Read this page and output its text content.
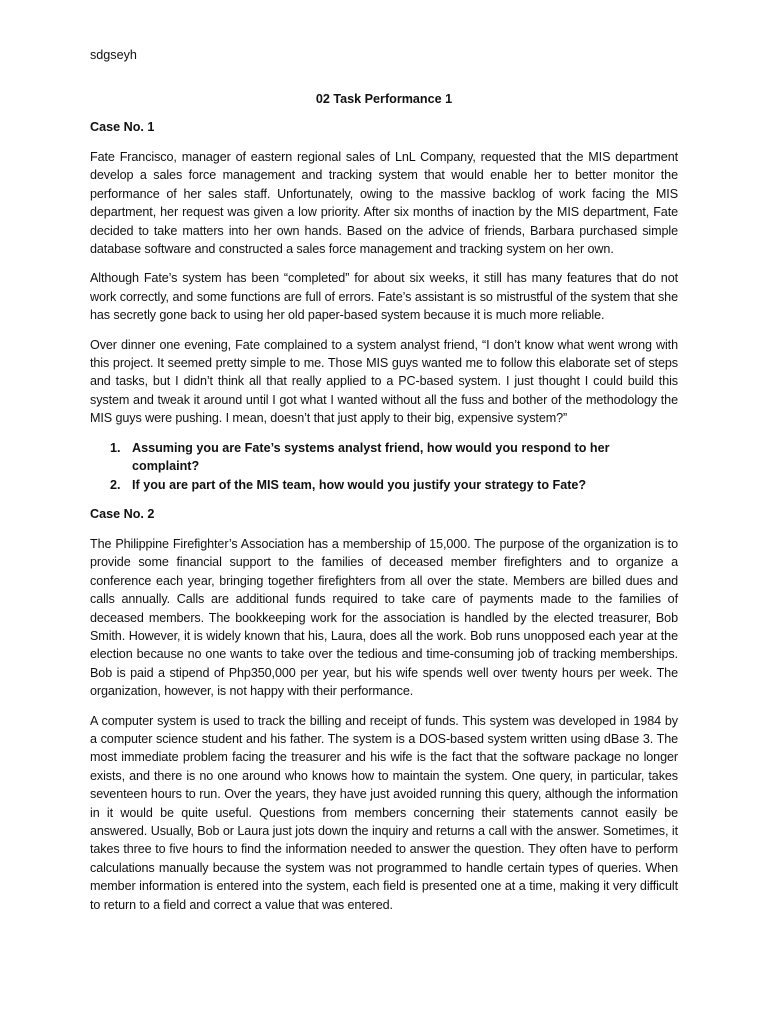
sdgseyh
02 Task Performance 1
Case No. 1

Fate Francisco, manager of eastern regional sales of LnL Company, requested that the MIS department develop a sales force management and tracking system that would enable her to better monitor the performance of her sales staff. Unfortunately, owing to the massive backlog of work facing the MIS department, her request was given a low priority. After six months of inaction by the MIS department, Fate decided to take matters into her own hands. Based on the advice of friends, Barbara purchased simple database software and constructed a sales force management and tracking system on her own.

Although Fate’s system has been “completed” for about six weeks, it still has many features that do not work correctly, and some functions are full of errors. Fate’s assistant is so mistrustful of the system that she has secretly gone back to using her old paper-based system because it is much more reliable.

Over dinner one evening, Fate complained to a system analyst friend, “I don’t know what went wrong with this project. It seemed pretty simple to me. Those MIS guys wanted me to follow this elaborate set of steps and tasks, but I didn’t think all that really applied to a PC-based system. I just thought I could build this system and tweak it around until I got what I wanted without all the fuss and bother of the methodology the MIS guys were pushing. I mean, doesn’t that just apply to their big, expensive system?”

1. Assuming you are Fate’s systems analyst friend, how would you respond to her complaint?
2. If you are part of the MIS team, how would you justify your strategy to Fate?
Case No. 2

The Philippine Firefighter’s Association has a membership of 15,000. The purpose of the organization is to provide some financial support to the families of deceased member firefighters and to organize a conference each year, bringing together firefighters from all over the state. Members are billed dues and calls annually. Calls are additional funds required to take care of payments made to the families of deceased members. The bookkeeping work for the association is handled by the elected treasurer, Bob Smith. However, it is widely known that his, Laura, does all the work. Bob runs unopposed each year at the election because no one wants to take over the tedious and time-consuming job of tracking memberships. Bob is paid a stipend of Php350,000 per year, but his wife spends well over twenty hours per week. The organization, however, is not happy with their performance.

A computer system is used to track the billing and receipt of funds. This system was developed in 1984 by a computer science student and his father. The system is a DOS-based system written using dBase 3. The most immediate problem facing the treasurer and his wife is the fact that the software package no longer exists, and there is no one around who knows how to maintain the system. One query, in particular, takes seventeen hours to run. Over the years, they have just avoided running this query, although the information in it would be quite useful. Questions from members concerning their statements cannot easily be answered. Usually, Bob or Laura just jots down the inquiry and returns a call with the answer. Sometimes, it takes three to five hours to find the information needed to answer the question. They often have to perform calculations manually because the system was not programmed to handle certain types of queries. When member information is entered into the system, each field is presented one at a time, making it very difficult to return to a field and correct a value that was entered.
